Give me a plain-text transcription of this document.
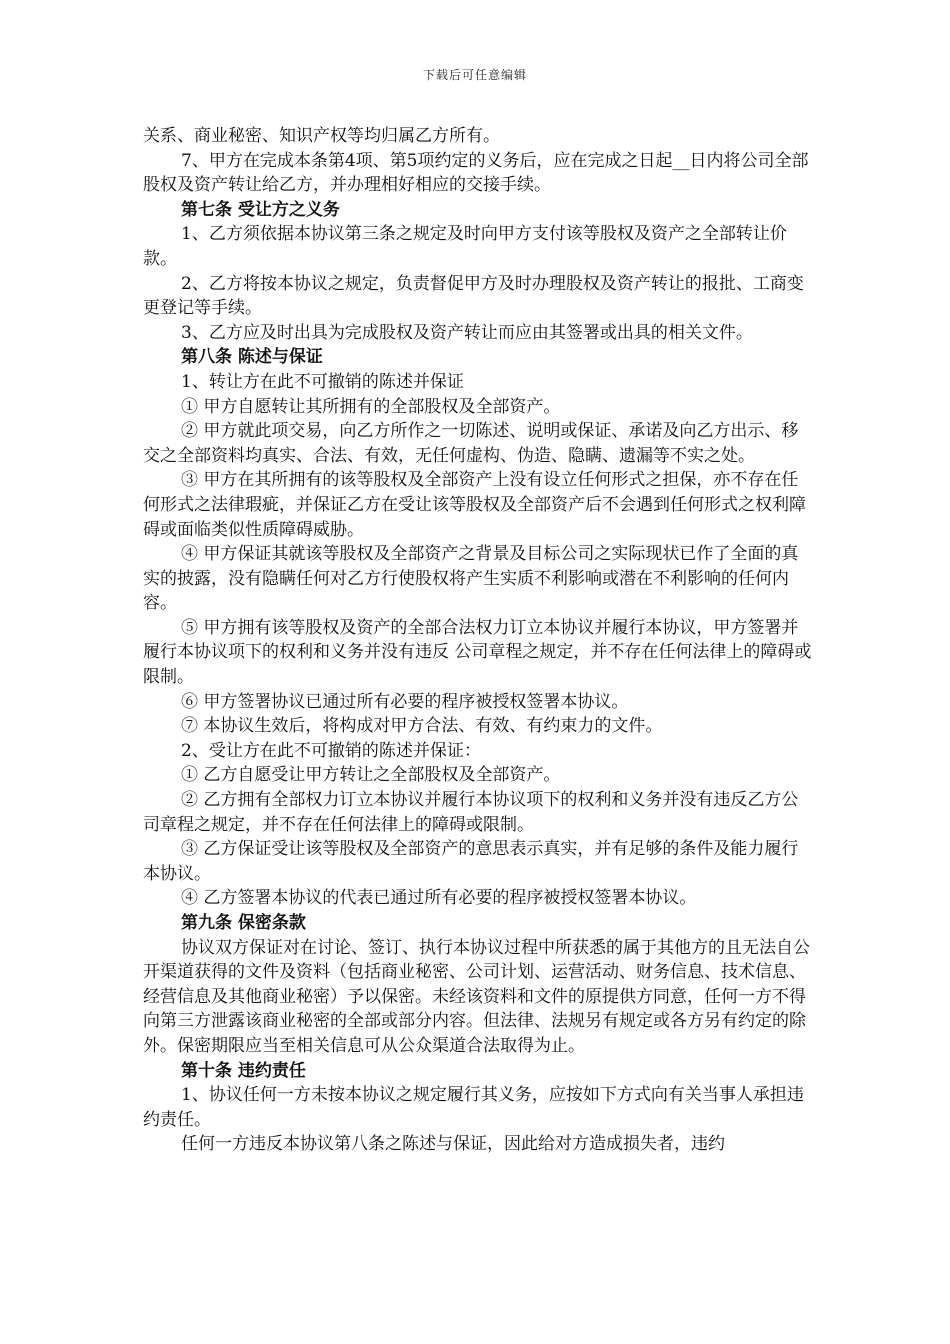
下载后可任意编辑

关系、商业秘密、知识产权等均归属乙方所有。

7、甲方在完成本条第4项、第5项约定的义务后，应在完成之日起__日内将公司全部股权及资产转让给乙方，并办理相好相应的交接手续。

第七条 受让方之义务

1、乙方须依据本协议第三条之规定及时向甲方支付该等股权及资产之全部转让价款。

2、乙方将按本协议之规定，负责督促甲方及时办理股权及资产转让的报批、工商变更登记等手续。

3、乙方应及时出具为完成股权及资产转让而应由其签署或出具的相关文件。

第八条 陈述与保证

1、转让方在此不可撤销的陈述并保证

① 甲方自愿转让其所拥有的全部股权及全部资产。

② 甲方就此项交易，向乙方所作之一切陈述、说明或保证、承诺及向乙方出示、移交之全部资料均真实、合法、有效，无任何虚构、伪造、隐瞒、遗漏等不实之处。

③ 甲方在其所拥有的该等股权及全部资产上没有设立任何形式之担保，亦不存在任何形式之法律瑕疵，并保证乙方在受让该等股权及全部资产后不会遇到任何形式之权利障碍或面临类似性质障碍威胁。

④ 甲方保证其就该等股权及全部资产之背景及目标公司之实际现状已作了全面的真实的披露，没有隐瞒任何对乙方行使股权将产生实质不利影响或潜在不利影响的任何内容。

⑤ 甲方拥有该等股权及资产的全部合法权力订立本协议并履行本协议，甲方签署并履行本协议项下的权利和义务并没有违反 公司章程之规定，并不存在任何法律上的障碍或限制。

⑥ 甲方签署协议已通过所有必要的程序被授权签署本协议。

⑦ 本协议生效后，将构成对甲方合法、有效、有约束力的文件。

2、受让方在此不可撤销的陈述并保证：

① 乙方自愿受让甲方转让之全部股权及全部资产。

② 乙方拥有全部权力订立本协议并履行本协议项下的权利和义务并没有违反乙方公司章程之规定，并不存在任何法律上的障碍或限制。

③ 乙方保证受让该等股权及全部资产的意思表示真实，并有足够的条件及能力履行本协议。

④ 乙方签署本协议的代表已通过所有必要的程序被授权签署本协议。

第九条 保密条款

协议双方保证对在讨论、签订、执行本协议过程中所获悉的属于其他方的且无法自公开渠道获得的文件及资料（包括商业秘密、公司计划、运营活动、财务信息、技术信息、经营信息及其他商业秘密）予以保密。未经该资料和文件的原提供方同意，任何一方不得向第三方泄露该商业秘密的全部或部分内容。但法律、法规另有规定或各方另有约定的除外。保密期限应当至相关信息可从公众渠道合法取得为止。

第十条 违约责任

1、协议任何一方未按本协议之规定履行其义务，应按如下方式向有关当事人承担违约责任。

任何一方违反本协议第八条之陈述与保证，因此给对方造成损失者，违约
